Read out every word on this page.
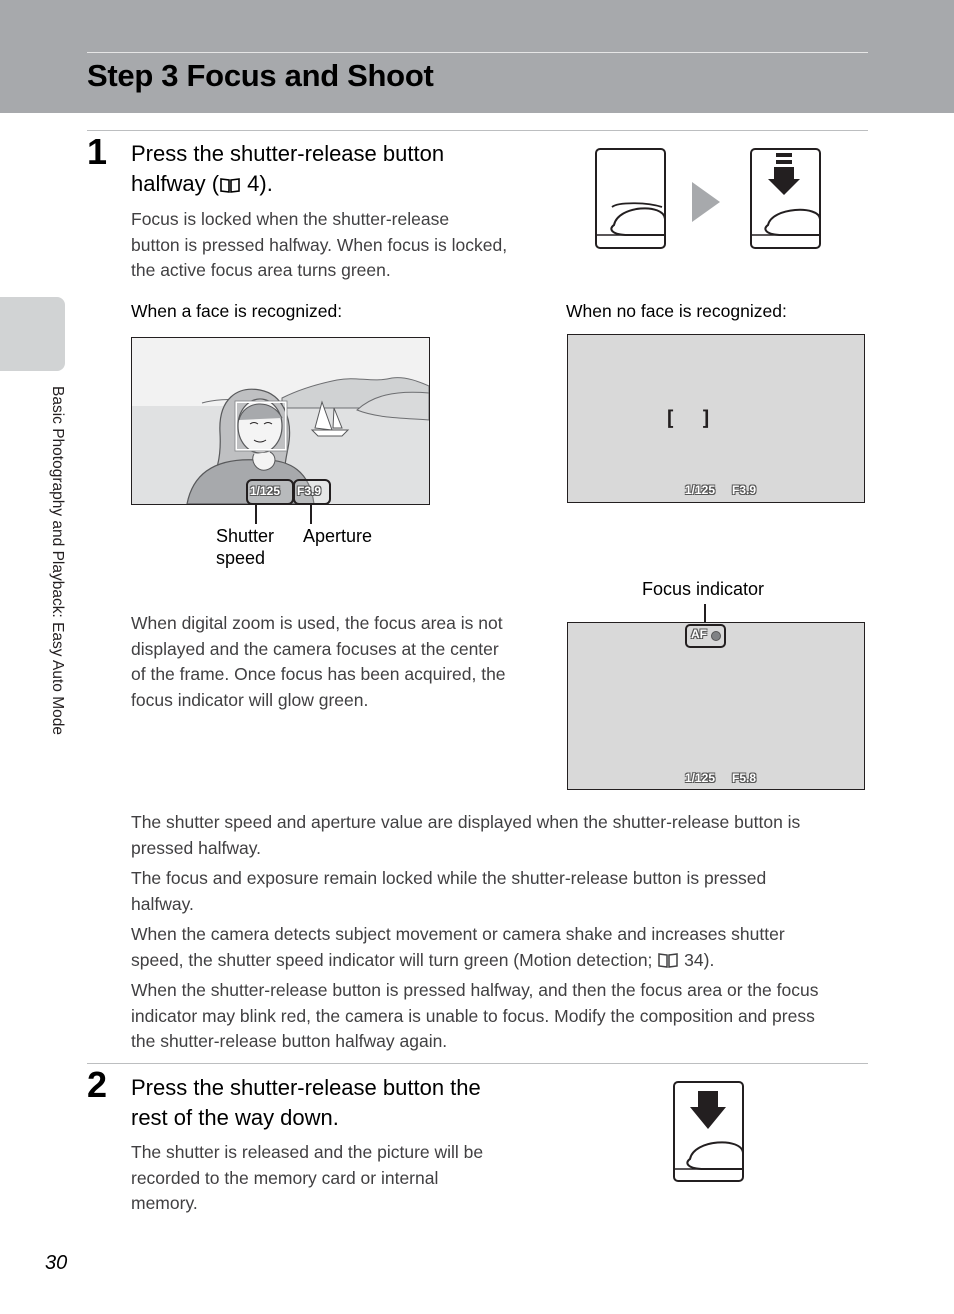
Step 3 Focus and Shoot
Basic Photography and Playback: Easy Auto Mode
1 Press the shutter-release button
halfway ( 4).
Focus is locked when the shutter-release
button is pressed halfway. When focus is locked,
the active focus area turns green.
When a face is recognized:	When no face is recognized:
1/125 F3.9
Shutter
speed
Aperture
[  ]
1/125 F3.9
Focus indicator
When digital zoom is used, the focus area is not
displayed and the camera focuses at the center
of the frame. Once focus has been acquired, the
focus indicator will glow green.
AF
1/125 F5.8
The shutter speed and aperture value are displayed when the shutter-release button is
pressed halfway.
The focus and exposure remain locked while the shutter-release button is pressed
halfway.
When the camera detects subject movement or camera shake and increases shutter
speed, the shutter speed indicator will turn green (Motion detection; 34).
When the shutter-release button is pressed halfway, and then the focus area or the focus
indicator may blink red, the camera is unable to focus. Modify the composition and press
the shutter-release button halfway again.
2 Press the shutter-release button the
rest of the way down.
The shutter is released and the picture will be
recorded to the memory card or internal
memory.
30
